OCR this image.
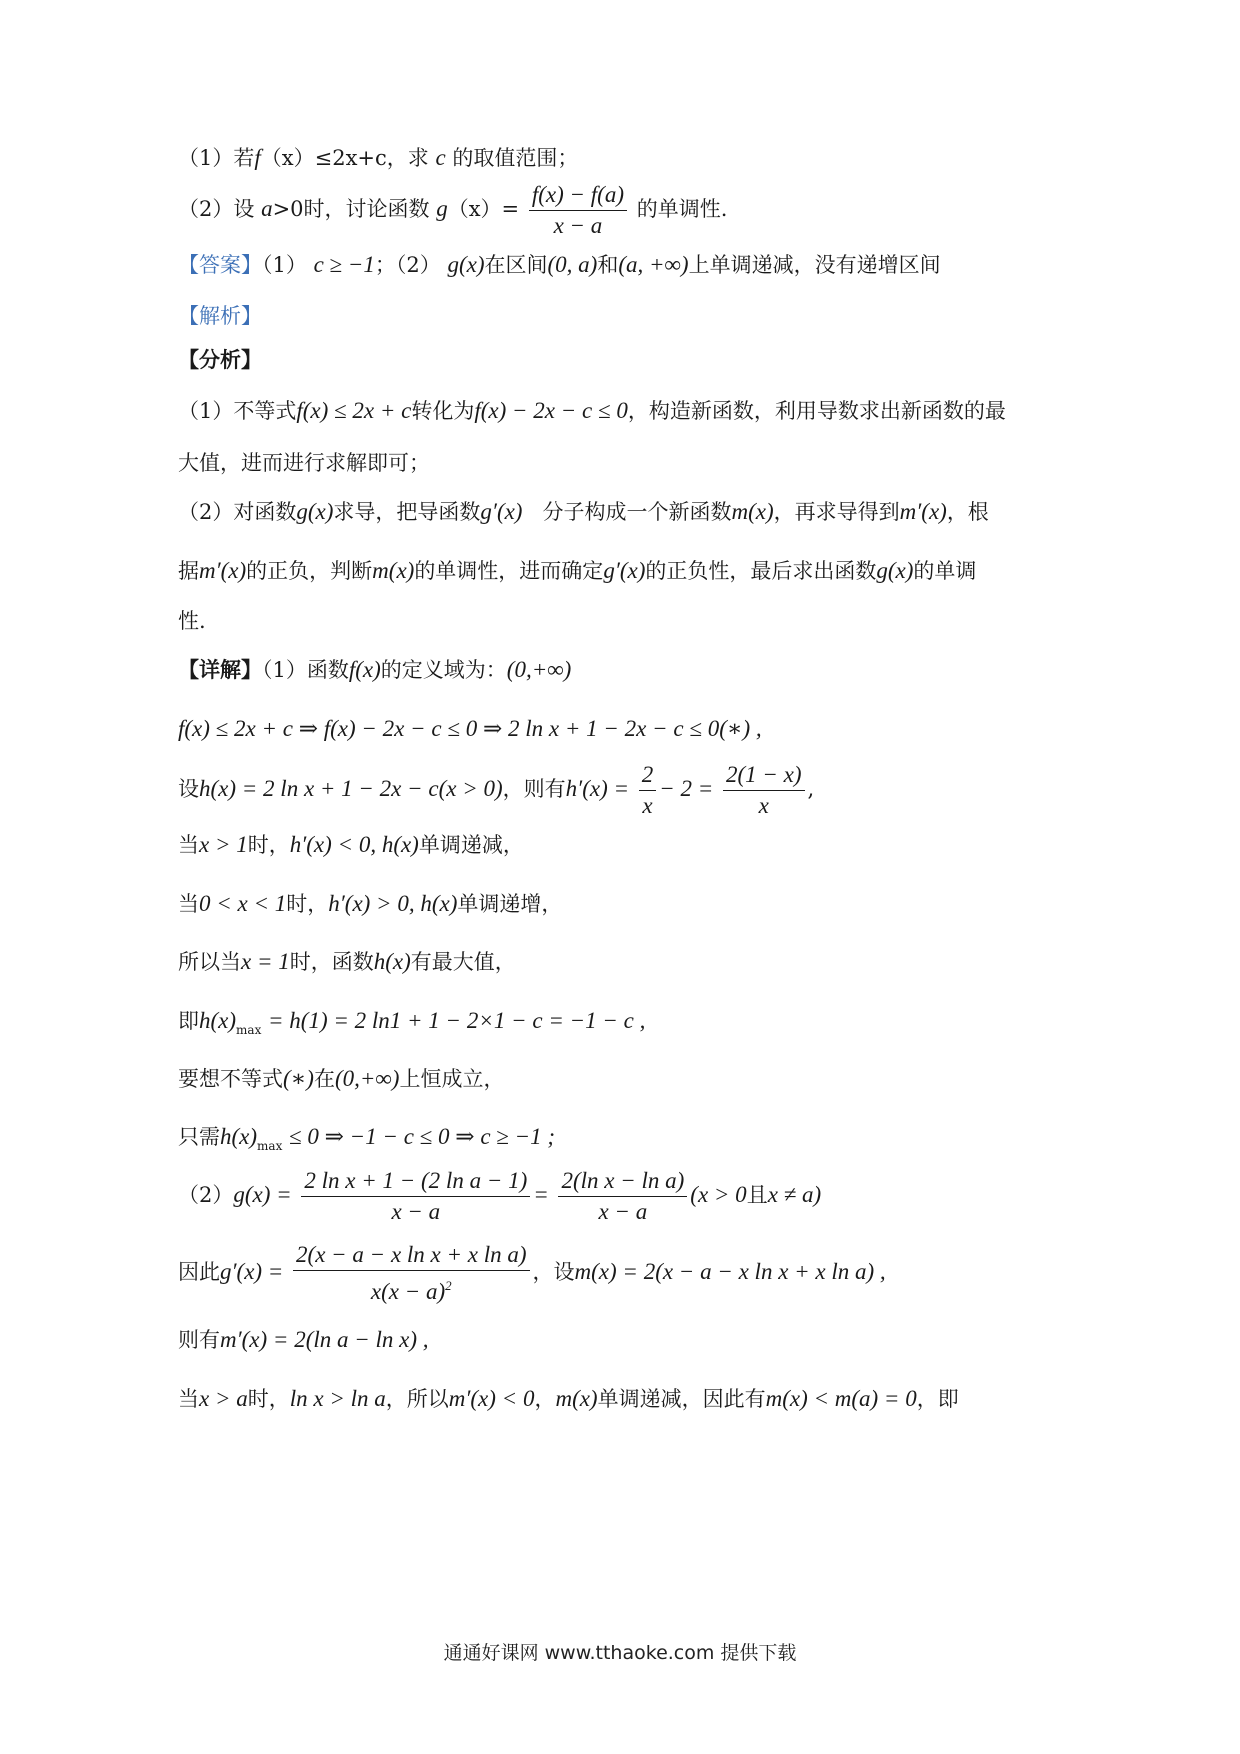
（1）若f（x）≤2x+c，求 c 的取值范围；
（2）设 a>0时，讨论函数 $g(x)= \frac{f(x) - f(a)}{x - a}$ 的单调性.
【答案】（1） c ≥ −1；（2） g(x)在区间(0, a)和(a, +∞)上单调递减，没有递增区间
【解析】
【分析】
（1）不等式f(x) ≤ 2x + c转化为f(x) − 2x − c ≤ 0，构造新函数，利用导数求出新函数的最
大值，进而进行求解即可；
（2）对函数g(x)求导，把导函数g′(x) 分子构成一个新函数m(x)，再求导得到m′(x)，根
据m′(x)的正负，判断m(x)的单调性，进而确定g′(x)的正负性，最后求出函数g(x)的单调
性.
【详解】（1）函数f(x)的定义域为：(0,+∞)
f(x) ≤ 2x + c ⇒ f(x) − 2x − c ≤ 0 ⇒ 2 ln x + 1 − 2x − c ≤ 0(∗) ,
设h(x) = 2 ln x + 1 − 2x − c(x > 0)，则有$h'(x) = \frac{2}{x} - 2 = \frac{2(1 - x)}{x}$ ,
当x > 1时，h′(x) < 0, h(x)单调递减，
当0 < x < 1时，h′(x) > 0, h(x)单调递增，
所以当x = 1时，函数h(x)有最大值，
即$h(x)_{max} = h(1) = 2$ ln1 + 1 − 2×1 − c = −1 − c ,
要想不等式(∗)在(0,+∞)上恒成立，
只需$h(x)_{max} \le 0$ ⇒ −1 − c ≤ 0 ⇒ c ≥ −1 ;
$(2)g(x) = \frac{\text{2 ln x + 1 − (2 ln a − 1)}}{x - a} = \frac{\text{2(ln x − ln a)}}{x - a} (x > 0$且x ≠ a)
因此$g'(x) = \frac{\text{2(x − a − x ln x + x ln a)}}{x(x - a)^2}$ ，设m(x) = 2(x − a − x ln x + x ln a) ,
则有m′(x) = 2(ln a − ln x) ,
当x > a时，ln x > ln a，所以m′(x) < 0，m(x)单调递减，因此有m(x) < m(a) = 0，即
通通好课网 www.tthaoke.com 提供下载
